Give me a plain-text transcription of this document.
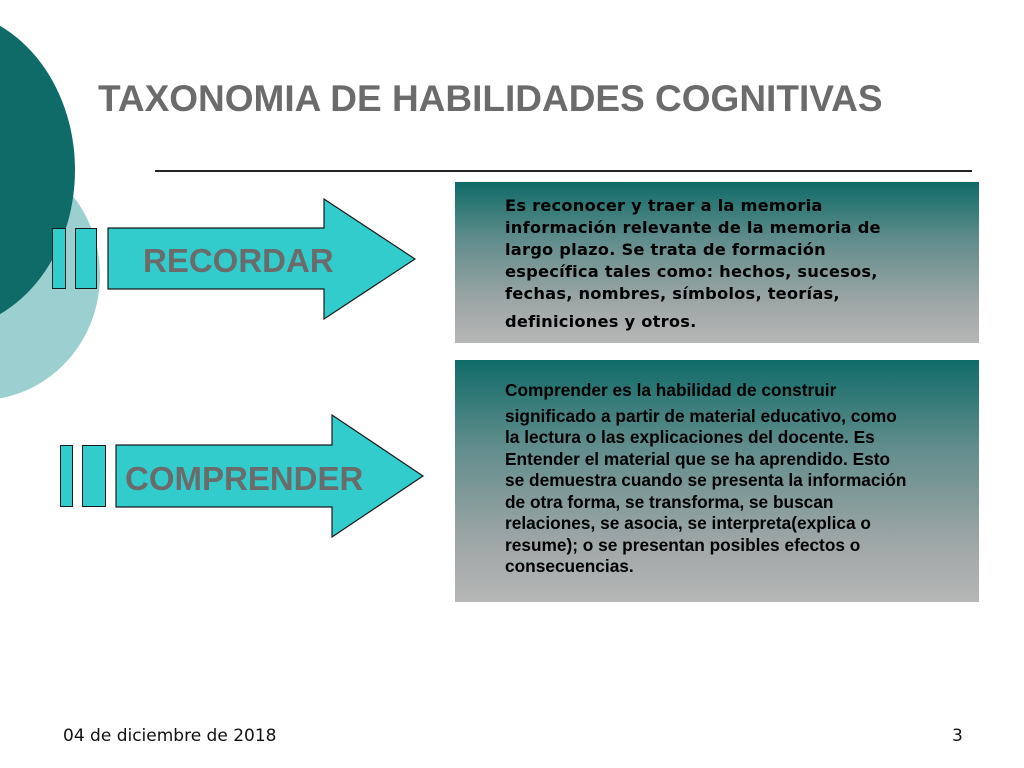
TAXONOMIA DE HABILIDADES COGNITIVAS
RECORDAR
COMPRENDER
Es reconocer y traer a la memoria
información relevante de la memoria de
largo plazo. Se trata de formación
específica tales como: hechos, sucesos,
fechas, nombres, símbolos, teorías,
definiciones y otros.
Comprender es la habilidad de construir
significado a partir de material educativo, como
la lectura o las explicaciones del docente. Es
Entender el material que se ha aprendido. Esto
se demuestra cuando se presenta la información
de otra forma, se transforma, se buscan
relaciones, se asocia, se interpreta(explica o
resume); o se presentan posibles efectos o
consecuencias.
04 de diciembre de 2018	3
